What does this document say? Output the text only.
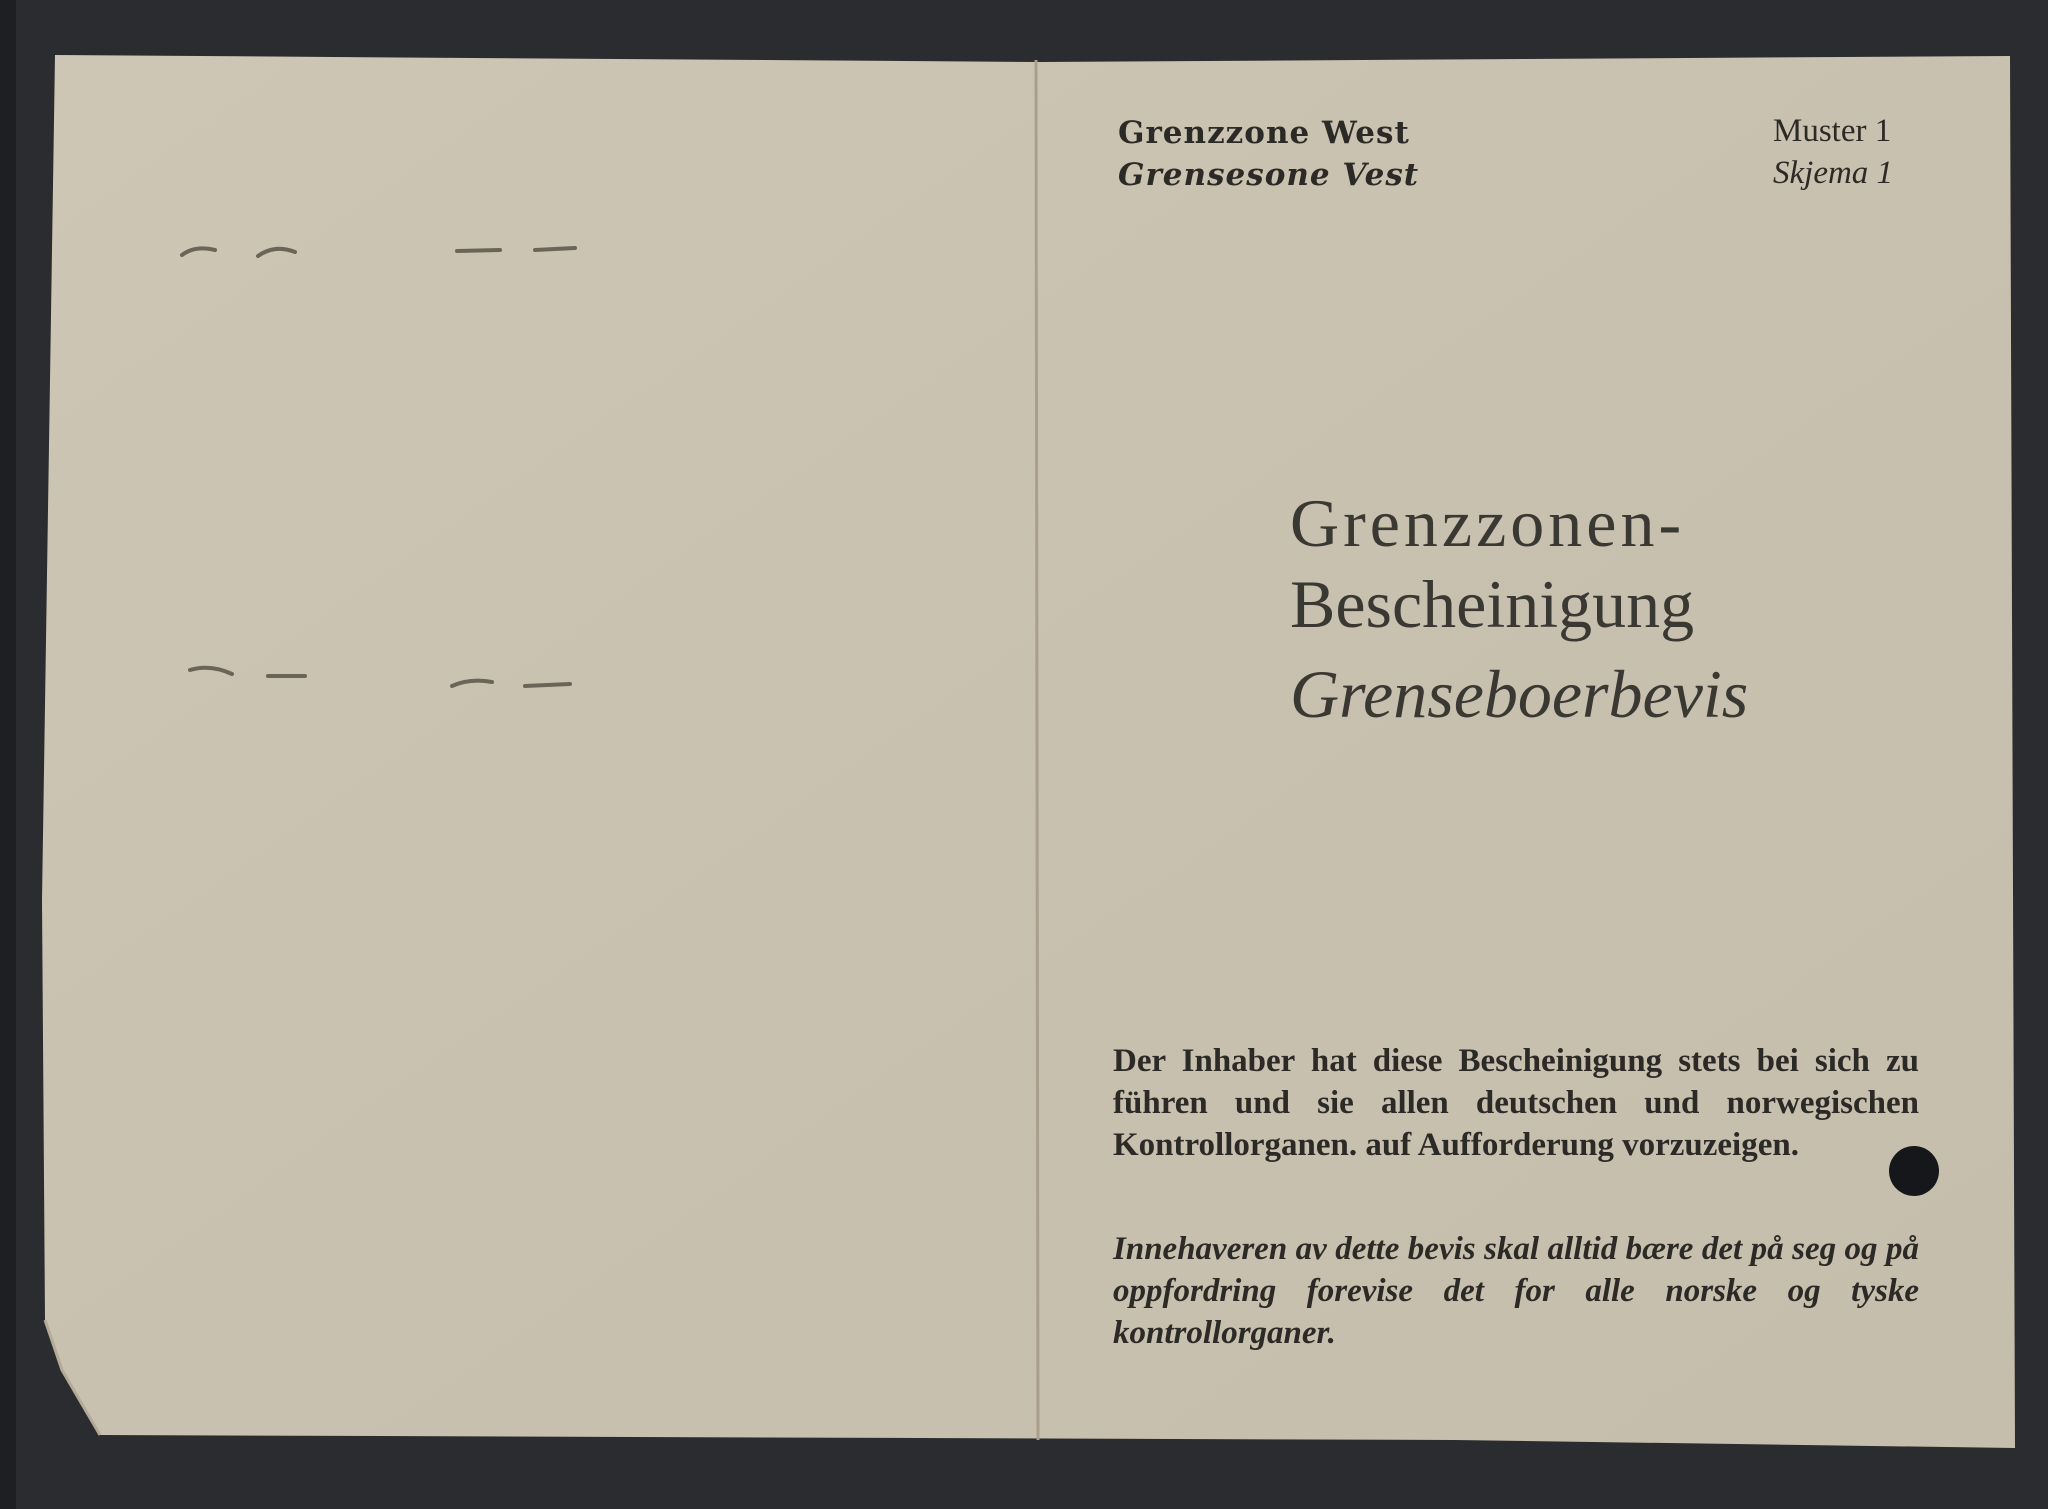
Grenzzone West
Grensesone Vest
Muster 1
Skjema 1
Grenzzonen-
Bescheinigung
Grenseboerbevis
Der Inhaber hat diese Bescheinigung stets bei sich zu führen und sie allen deutschen und norwegischen Kontrollorganen. auf Aufforderung vorzuzeigen.
Innehaveren av dette bevis skal alltid bære det på seg og på oppfordring forevise det for alle norske og tyske kontrollorganer.
